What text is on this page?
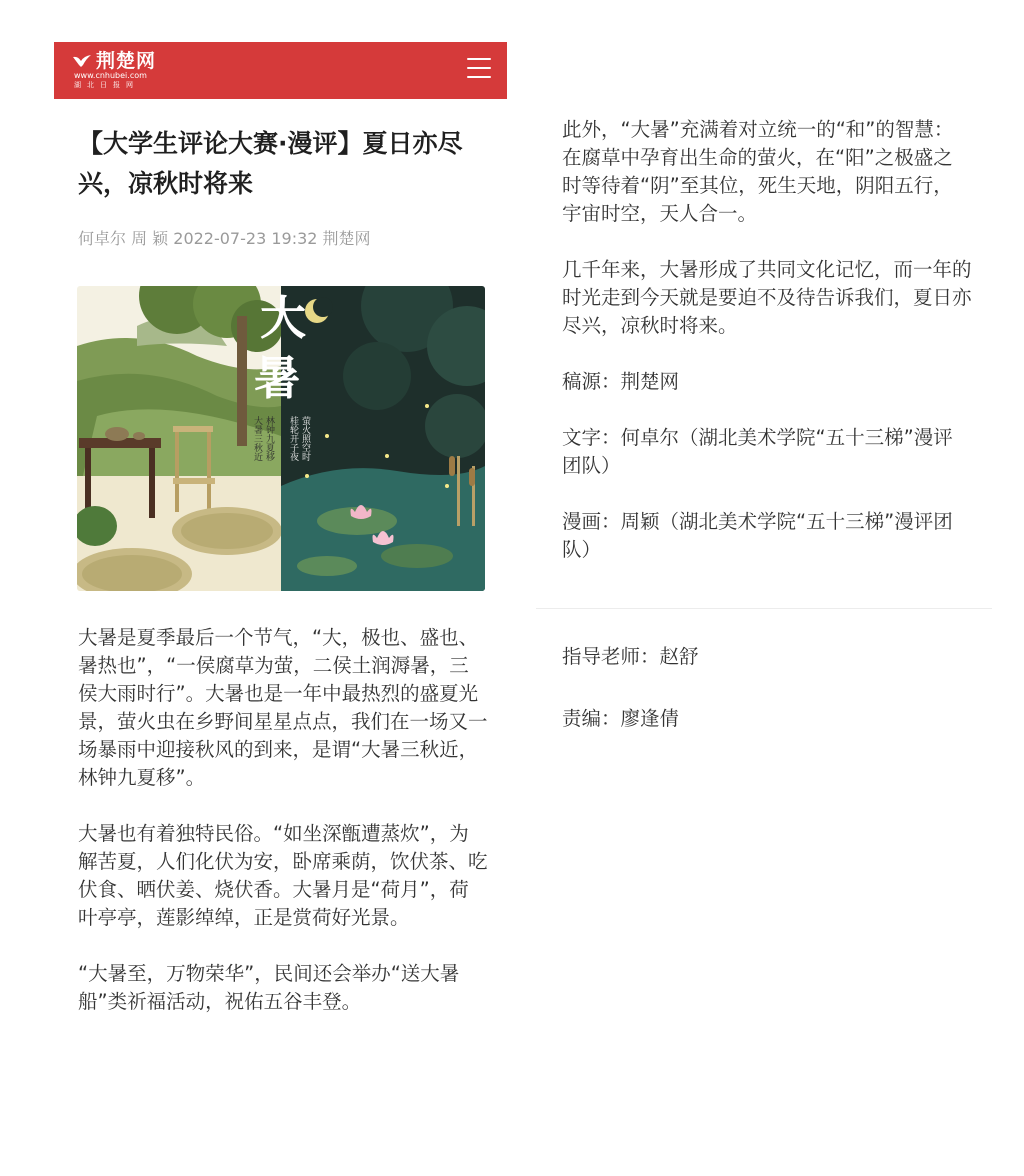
荆楚网
www.cnhubei.com
湖北日报网
【大学生评论大赛·漫评】夏日亦尽兴，凉秋时将来
何卓尔 周 颖 2022-07-23 19:32 荆楚网
大
暑
大暑三秋近 林钟九夏移 桂轮开子夜 萤火照空时

大暑是夏季最后一个节气，“大，极也、盛也、暑热也”，“一侯腐草为萤，二侯土润溽暑，三侯大雨时行”。大暑也是一年中最热烈的盛夏光景，萤火虫在乡野间星星点点，我们在一场又一场暴雨中迎接秋风的到来，是谓“大暑三秋近，林钟九夏移”。

大暑也有着独特民俗。“如坐深甑遭蒸炊”，为解苦夏，人们化伏为安，卧席乘荫，饮伏茶、吃伏食、晒伏姜、烧伏香。大暑月是“荷月”，荷叶亭亭，莲影绰绰，正是赏荷好光景。

“大暑至，万物荣华”，民间还会举办“送大暑船”类祈福活动，祝佑五谷丰登。

此外，“大暑”充满着对立统一的“和”的智慧：在腐草中孕育出生命的萤火，在“阳”之极盛之时等待着“阴”至其位，死生天地，阴阳五行，宇宙时空，天人合一。

几千年来，大暑形成了共同文化记忆，而一年的时光走到今天就是要迫不及待告诉我们，夏日亦尽兴，凉秋时将来。

稿源：荆楚网

文字：何卓尔（湖北美术学院“五十三梯”漫评团队）

漫画：周颖（湖北美术学院“五十三梯”漫评团队）

指导老师：赵舒

责编：廖逢倩
